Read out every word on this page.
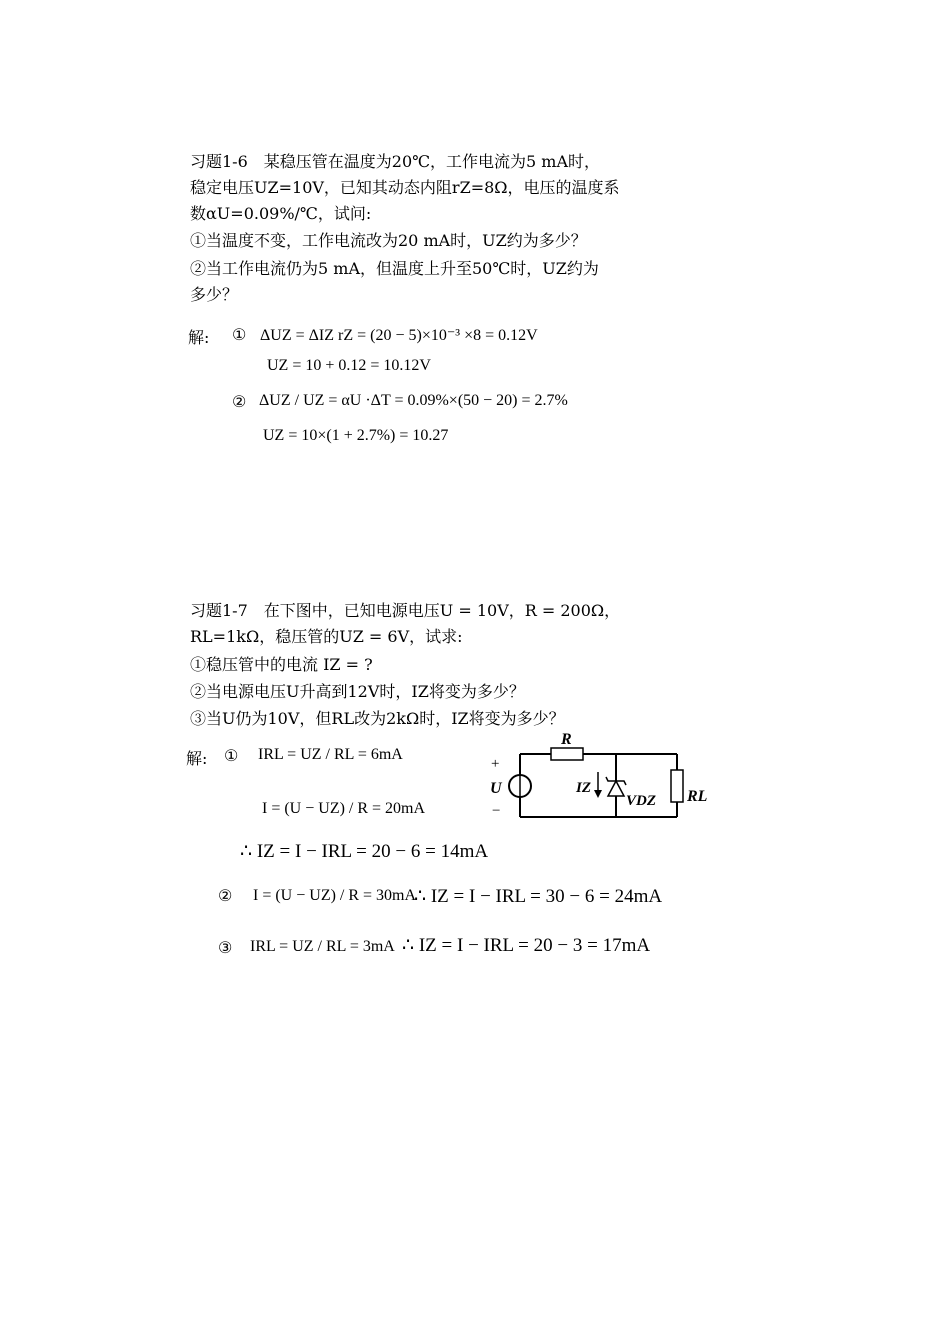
习题1-6　某稳压管在温度为20℃，工作电流为5 mA时，
稳定电压UZ=10V，已知其动态内阻rZ=8Ω，电压的温度系
数αU=0.09%/℃，试问:
①当温度不变，工作电流改为20 mA时，UZ约为多少？
②当工作电流仍为5 mA，但温度上升至50℃时，UZ约为
多少？
解: ① ΔUZ = ΔIZ rZ = (20 − 5)×10⁻³ ×8 = 0.12V
UZ = 10 + 0.12 = 10.12V
② ΔUZ / UZ = αU ·ΔT = 0.09%×(50 − 20) = 2.7%
UZ = 10×(1 + 2.7%) = 10.27
习题1-7　在下图中，已知电源电压U = 10V，R = 200Ω，
RL=1kΩ，稳压管的UZ = 6V，试求:
①稳压管中的电流 IZ = ?
②当电源电压U升高到12V时，IZ将变为多少？
③当U仍为10V，但RL改为2kΩ时，IZ将变为多少？
解: ① IRL = UZ / RL = 6mA
I = (U − UZ) / R = 20mA
∴ IZ = I − IRL = 20 − 6 = 14mA
② I = (U − UZ) / R = 30mA
∴ IZ = I − IRL = 30 − 6 = 24mA
③ IRL = UZ / RL = 3mA ∴ IZ = I − IRL = 20 − 3 = 17mA
R
+
U
−
IZ
VDZ RL
